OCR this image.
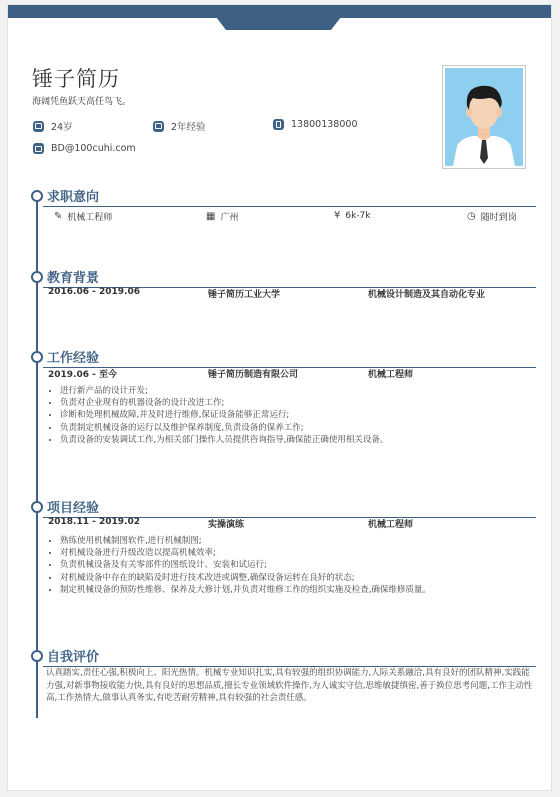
锤子简历
海阔凭鱼跃天高任鸟飞。
24岁	2年经验	13800138000
BD@100cuhi.com
求职意向
✎ 机械工程师	▦ 广州	¥ 6k-7k	◷ 随时到岗
教育背景
2016.06 - 2019.06	锤子简历工业大学	机械设计制造及其自动化专业
工作经验
2019.06 - 至今	锤子简历制造有限公司	机械工程师
• 进行新产品的设计开发;
• 负责对企业现有的机器设备的设计改进工作;
• 诊断和处理机械故障,并及时进行维修,保证设备能够正常运行;
• 负责制定机械设备的运行以及维护保养制度,负责设备的保养工作;
• 负责设备的安装调试工作,为相关部门操作人员提供咨询指导,确保能正确使用相关设备。
项目经验
2018.11 - 2019.02	实操演练	机械工程师
• 熟练使用机械制图软件,进行机械制图;
• 对机械设备进行升级改造以提高机械效率;
• 负责机械设备及有关零部件的图纸设计、安装和试运行;
• 对机械设备中存在的缺陷及时进行技术改进或调整,确保设备运转在良好的状态;
• 制定机械设备的预防性维修、保养及大修计划,并负责对维修工作的组织实施及检查,确保维修质量。
自我评价
认真踏实,责任心强,积极向上、阳光热情。机械专业知识扎实,具有较强的组织协调能力,人际关系融洽,具有良好的团队精神,实践能力强,对新事物接收能力快,具有良好的思想品质,擅长专业领域软件操作,为人诚实守信,思维敏捷缜密,善于换位思考问题,工作主动性高,工作热情大,做事认真务实,有吃苦耐劳精神,具有较强的社会责任感。
